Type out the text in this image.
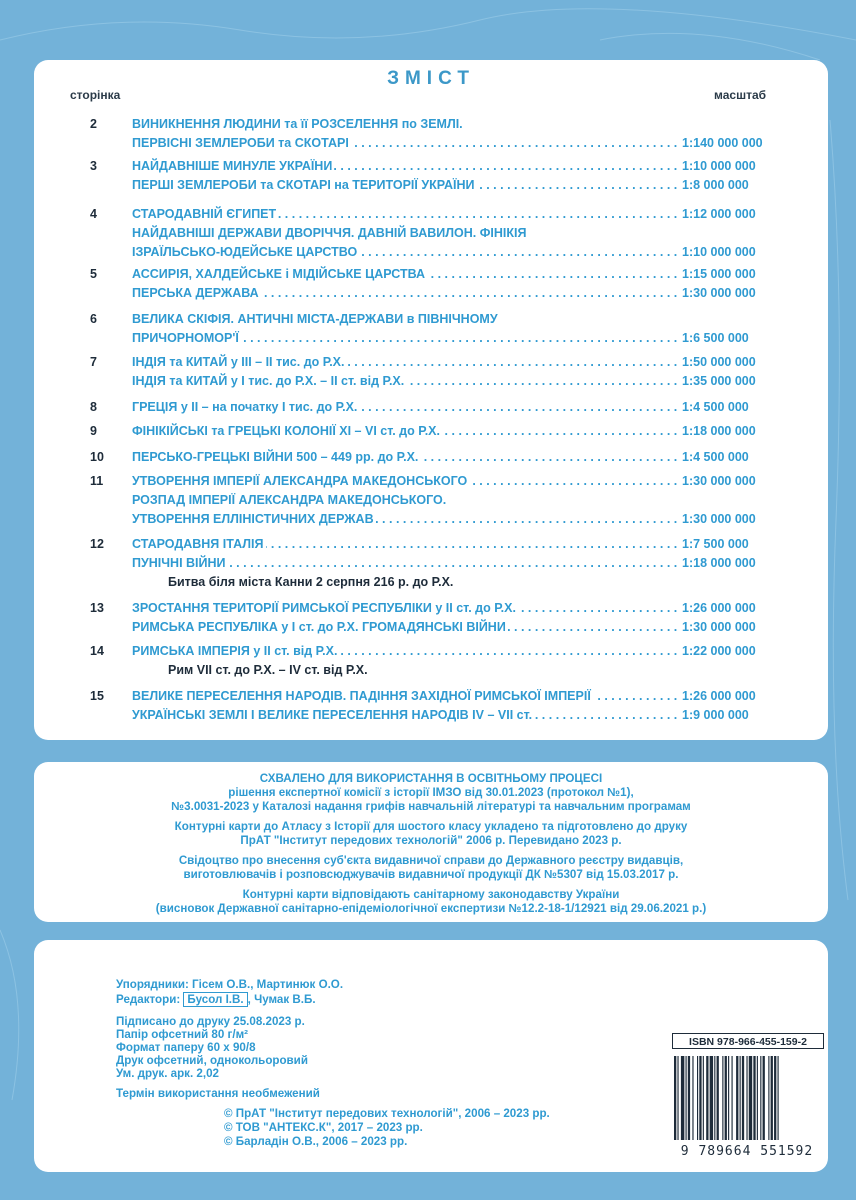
ЗМІСТ
сторінка	масштаб
2	ВИНИКНЕННЯ ЛЮДИНИ та її РОЗСЕЛЕННЯ по ЗЕМЛІ.
ПЕРВІСНІ ЗЕМЛЕРОБИ та СКОТАРІ . . .	1:140 000 000
3	НАЙДАВНІШЕ МИНУЛЕ УКРАЇНИ . . .	1:10 000 000
ПЕРШІ ЗЕМЛЕРОБИ та СКОТАРІ на ТЕРИТОРІЇ УКРАЇНИ . . .	1:8 000 000
4	СТАРОДАВНІЙ ЄГИПЕТ . . .	1:12 000 000
НАЙДАВНІШІ ДЕРЖАВИ ДВОРІЧЧЯ. ДАВНІЙ ВАВИЛОН. ФІНІКІЯ
ІЗРАЇЛЬСЬКО-ЮДЕЙСЬКЕ ЦАРСТВО . . .	1:10 000 000
5	АССИРІЯ, ХАЛДЕЙСЬКЕ і МІДІЙСЬКЕ ЦАРСТВА . . .	1:15 000 000
ПЕРСЬКА ДЕРЖАВА . . .	1:30 000 000
6	ВЕЛИКА СКІФІЯ. АНТИЧНІ МІСТА-ДЕРЖАВИ в ПІВНІЧНОМУ
ПРИЧОРНОМОР'Ї . . .	1:6 500 000
7	ІНДІЯ та КИТАЙ у III – II тис. до Р.Х. . . .	1:50 000 000
ІНДІЯ та КИТАЙ у I тис. до Р.Х. – II ст. від Р.Х. . . .	1:35 000 000
8	ГРЕЦІЯ у II – на початку I тис. до Р.Х. . . .	1:4 500 000
9	ФІНІКІЙСЬКІ та ГРЕЦЬКІ КОЛОНІЇ XI – VI ст. до Р.Х. . . .	1:18 000 000
10	ПЕРСЬКО-ГРЕЦЬКІ ВІЙНИ 500 – 449 рр. до Р.Х. . . .	1:4 500 000
11	УТВОРЕННЯ ІМПЕРІЇ АЛЕКСАНДРА МАКЕДОНСЬКОГО . . .	1:30 000 000
РОЗПАД ІМПЕРІЇ АЛЕКСАНДРА МАКЕДОНСЬКОГО.
УТВОРЕННЯ ЕЛЛІНІСТИЧНИХ ДЕРЖАВ . . .	1:30 000 000
12	СТАРОДАВНЯ ІТАЛІЯ . . .	1:7 500 000
ПУНІЧНІ ВІЙНИ . . .	1:18 000 000
Битва біля міста Канни 2 серпня 216 р. до Р.Х.
13	ЗРОСТАННЯ ТЕРИТОРІЇ РИМСЬКОЇ РЕСПУБЛІКИ у II ст. до Р.Х. . . .	1:26 000 000
РИМСЬКА РЕСПУБЛІКА у I ст. до Р.Х. ГРОМАДЯНСЬКІ ВІЙНИ . . .	1:30 000 000
14	РИМСЬКА ІМПЕРІЯ у II ст. від Р.Х. . . .	1:22 000 000
Рим VII ст. до Р.Х. – IV ст. від Р.Х.
15	ВЕЛИКЕ ПЕРЕСЕЛЕННЯ НАРОДІВ. ПАДІННЯ ЗАХІДНОЇ РИМСЬКОЇ ІМПЕРІЇ . . .	1:26 000 000
УКРАЇНСЬКІ ЗЕМЛІ І ВЕЛИКЕ ПЕРЕСЕЛЕННЯ НАРОДІВ IV – VII ст. . . .	1:9 000 000
СХВАЛЕНО ДЛЯ ВИКОРИСТАННЯ В ОСВІТНЬОМУ ПРОЦЕСІ
рішення експертної комісії з історії ІМЗО від 30.01.2023 (протокол №1),
№3.0031-2023 у Каталозі надання грифів навчальній літературі та навчальним програмам
Контурні карти до Атласу з Історії для шостого класу укладено та підготовлено до друку
ПрАТ "Інститут передових технологій" 2006 р. Перевидано 2023 р.
Свідоцтво про внесення суб'єкта видавничої справи до Державного реєстру видавців,
виготовлювачів і розповсюджувачів видавничої продукції ДК №5307 від 15.03.2017 р.
Контурні карти відповідають санітарному законодавству України
(висновок Державної санітарно-епідеміологічної експертизи №12.2-18-1/12921 від 29.06.2021 р.)
Упорядники: Гісем О.В., Мартинюк О.О.
Редактори: Бусол І.В. , Чумак В.Б.
Підписано до друку 25.08.2023 р.
Папір офсетний 80 г/м²
Формат паперу 60 x 90/8
Друк офсетний, однокольоровий
Ум. друк. арк. 2,02
Термін використання необмежений
© ПрАТ "Інститут передових технологій", 2006 – 2023 рр.
© ТОВ "АНТЕКС.К", 2017 – 2023 рр.
© Барладін О.В., 2006 – 2023 рр.
ISBN 978-966-455-159-2
9 789664 551592
